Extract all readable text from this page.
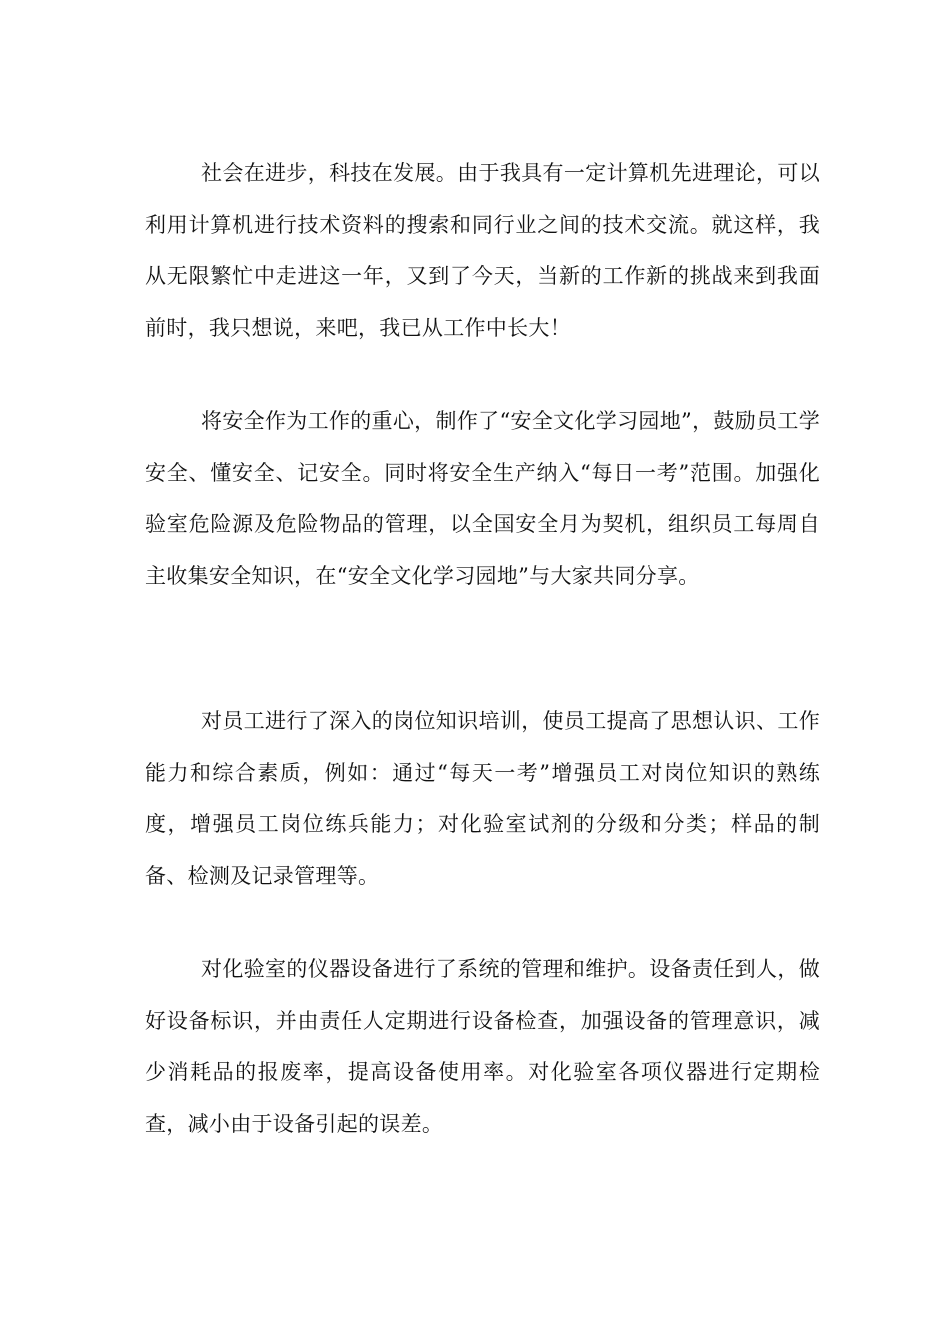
社会在进步，科技在发展。由于我具有一定计算机先进理论，可以利用计算机进行技术资料的搜索和同行业之间的技术交流。就这样，我从无限繁忙中走进这一年，又到了今天，当新的工作新的挑战来到我面前时，我只想说，来吧，我已从工作中长大！

将安全作为工作的重心，制作了“安全文化学习园地”，鼓励员工学安全、懂安全、记安全。同时将安全生产纳入“每日一考”范围。加强化验室危险源及危险物品的管理，以全国安全月为契机，组织员工每周自主收集安全知识，在“安全文化学习园地”与大家共同分享。

对员工进行了深入的岗位知识培训，使员工提高了思想认识、工作能力和综合素质，例如：通过“每天一考”增强员工对岗位知识的熟练度，增强员工岗位练兵能力；对化验室试剂的分级和分类；样品的制备、检测及记录管理等。

对化验室的仪器设备进行了系统的管理和维护。设备责任到人，做好设备标识，并由责任人定期进行设备检查，加强设备的管理意识，减少消耗品的报废率，提高设备使用率。对化验室各项仪器进行定期检查，减小由于设备引起的误差。
